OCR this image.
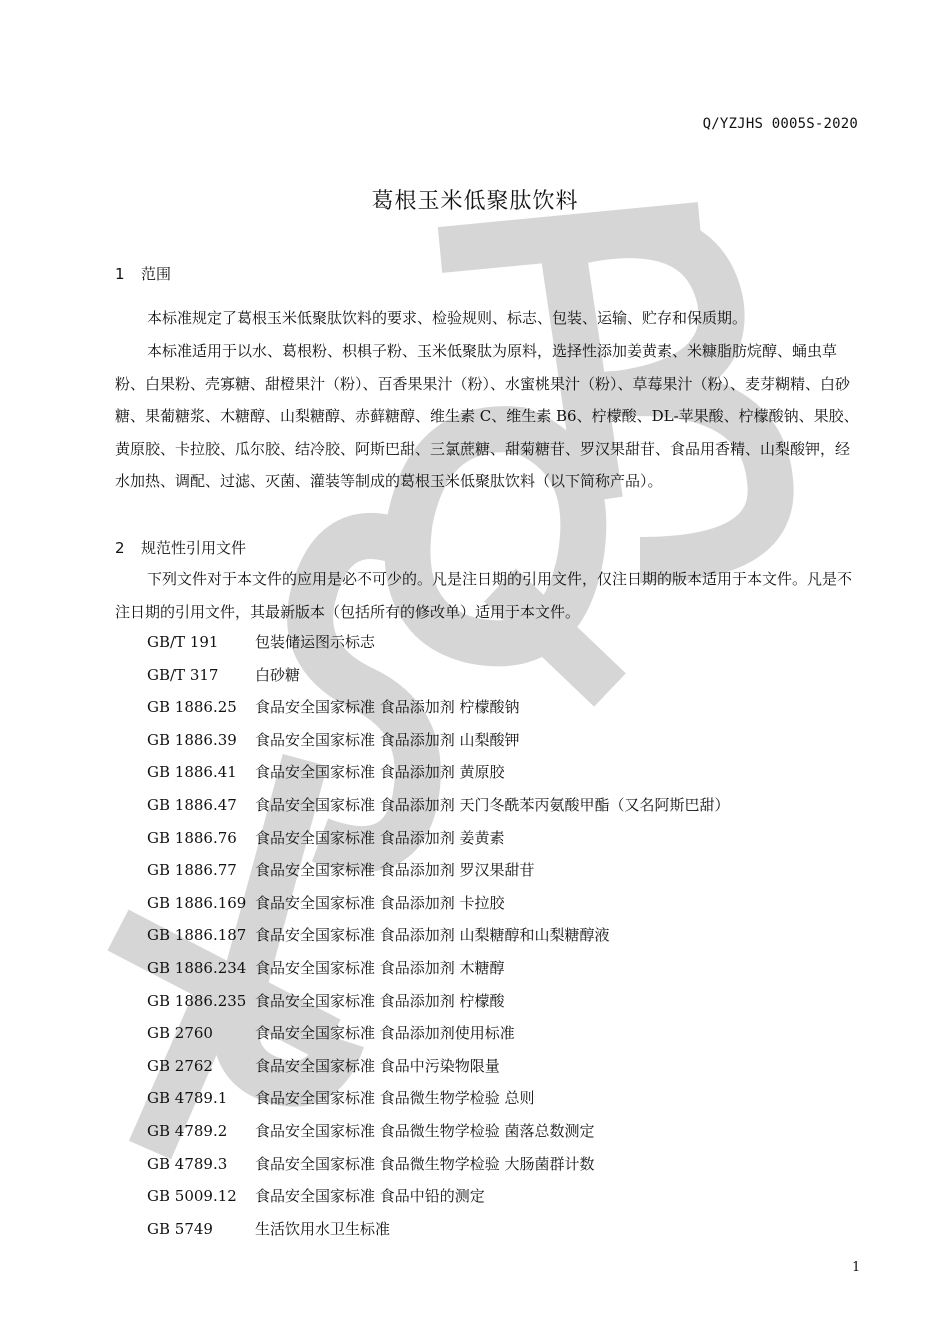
Q/YZJHS 0005S-2020
葛根玉米低聚肽饮料
1 范围

本标准规定了葛根玉米低聚肽饮料的要求、检验规则、标志、包装、运输、贮存和保质期。

本标准适用于以水、葛根粉、枳椇子粉、玉米低聚肽为原料，选择性添加姜黄素、米糠脂肪烷醇、蛹虫草粉、白果粉、壳寡糖、甜橙果汁（粉）、百香果果汁（粉）、水蜜桃果汁（粉）、草莓果汁（粉）、麦芽糊精、白砂糖、果葡糖浆、木糖醇、山梨糖醇、赤藓糖醇、维生素 C、维生素 B6、柠檬酸、DL-苹果酸、柠檬酸钠、果胶、黄原胶、卡拉胶、瓜尔胶、结冷胶、阿斯巴甜、三氯蔗糖、甜菊糖苷、罗汉果甜苷、食品用香精、山梨酸钾，经水加热、调配、过滤、灭菌、灌装等制成的葛根玉米低聚肽饮料（以下简称产品）。

2 规范性引用文件

下列文件对于本文件的应用是必不可少的。凡是注日期的引用文件，仅注日期的版本适用于本文件。凡是不注日期的引用文件，其最新版本（包括所有的修改单）适用于本文件。

GB/T 191 包装储运图示标志
GB/T 317 白砂糖
GB 1886.25 食品安全国家标准 食品添加剂 柠檬酸钠
GB 1886.39 食品安全国家标准 食品添加剂 山梨酸钾
GB 1886.41 食品安全国家标准 食品添加剂 黄原胶
GB 1886.47 食品安全国家标准 食品添加剂 天门冬酰苯丙氨酸甲酯（又名阿斯巴甜）
GB 1886.76 食品安全国家标准 食品添加剂 姜黄素
GB 1886.77 食品安全国家标准 食品添加剂 罗汉果甜苷
GB 1886.169 食品安全国家标准 食品添加剂 卡拉胶
GB 1886.187 食品安全国家标准 食品添加剂 山梨糖醇和山梨糖醇液
GB 1886.234 食品安全国家标准 食品添加剂 木糖醇
GB 1886.235 食品安全国家标准 食品添加剂 柠檬酸
GB 2760	食品安全国家标准 食品添加剂使用标准
GB 2762	食品安全国家标准 食品中污染物限量
GB 4789.1 食品安全国家标准 食品微生物学检验 总则
GB 4789.2 食品安全国家标准 食品微生物学检验 菌落总数测定
GB 4789.3 食品安全国家标准 食品微生物学检验 大肠菌群计数
GB 5009.12 食品安全国家标准 食品中铅的测定
GB 5749	生活饮用水卫生标准
1
